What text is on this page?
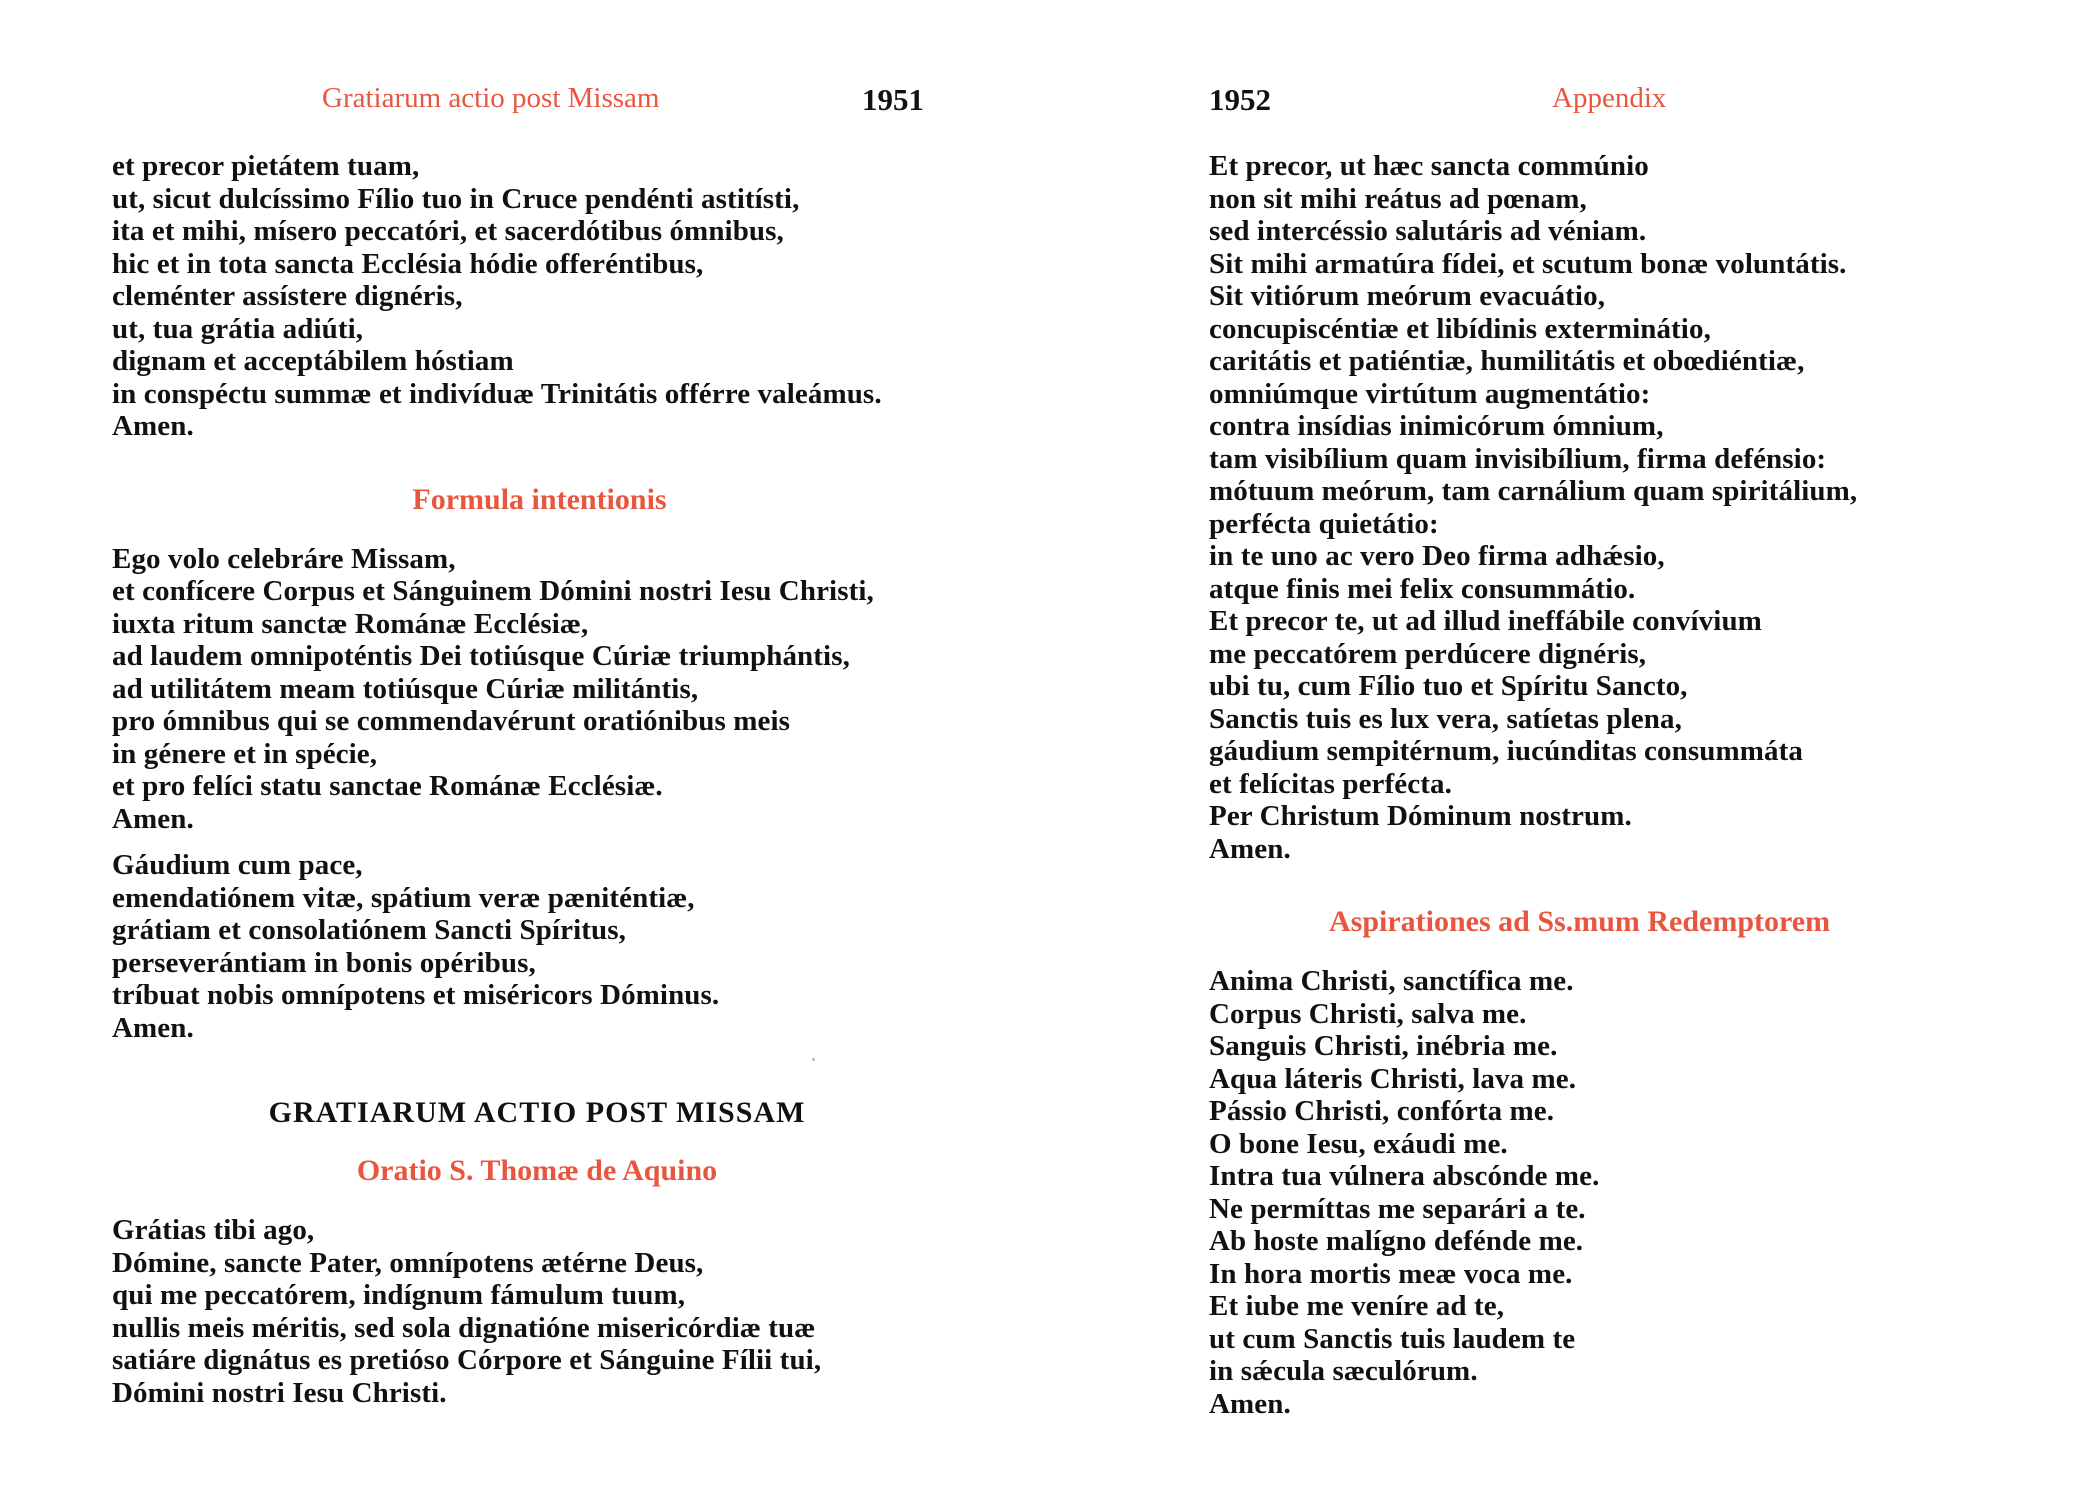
Gratiarum actio post Missam	1951
et precor pietátem tuam,
ut, sicut dulcíssimo Fílio tuo in Cruce pendénti astitísti,
ita et mihi, mísero peccatóri, et sacerdótibus ómnibus,
hic et in tota sancta Ecclésia hódie offeréntibus,
cleménter assístere dignéris,
ut, tua grátia adiúti,
dignam et acceptábilem hóstiam
in conspéctu summæ et indivíduæ Trinitátis offérre valeámus.
Amen.
Formula intentionis
Ego volo celebráre Missam,
et confícere Corpus et Sánguinem Dómini nostri Iesu Christi,
iuxta ritum sanctæ Románæ Ecclésiæ,
ad laudem omnipoténtis Dei totiúsque Cúriæ triumphántis,
ad utilitátem meam totiúsque Cúriæ militántis,
pro ómnibus qui se commendavérunt oratiónibus meis
in génere et in spécie,
et pro felíci statu sanctae Románæ Ecclésiæ.
Amen.
Gáudium cum pace,
emendatiónem vitæ, spátium veræ pæniténtiæ,
grátiam et consolatiónem Sancti Spíritus,
perseverántiam in bonis opéribus,
tríbuat nobis omnípotens et miséricors Dóminus.
Amen.
GRATIARUM ACTIO POST MISSAM
Oratio S. Thomæ de Aquino
Grátias tibi ago,
Dómine, sancte Pater, omnípotens ætérne Deus,
qui me peccatórem, indígnum fámulum tuum,
nullis meis méritis, sed sola dignatióne misericórdiæ tuæ
satiáre dignátus es pretióso Córpore et Sánguine Fílii tui,
Dómini nostri Iesu Christi.
1952	Appendix
Et precor, ut hæc sancta commúnio
non sit mihi reátus ad pœnam,
sed intercéssio salutáris ad véniam.
Sit mihi armatúra fídei, et scutum bonæ voluntátis.
Sit vitiórum meórum evacuátio,
concupiscéntiæ et libídinis exterminátio,
caritátis et patiéntiæ, humilitátis et obœdiéntiæ,
omniúmque virtútum augmentátio:
contra insídias inimicórum ómnium,
tam visibílium quam invisibílium, firma defénsio:
mótuum meórum, tam carnálium quam spiritálium,
perfécta quietátio:
in te uno ac vero Deo firma adhǽsio,
atque finis mei felix consummátio.
Et precor te, ut ad illud ineffábile convívium
me peccatórem perdúcere dignéris,
ubi tu, cum Fílio tuo et Spíritu Sancto,
Sanctis tuis es lux vera, satíetas plena,
gáudium sempitérnum, iucúnditas consummáta
et felícitas perfécta.
Per Christum Dóminum nostrum.
Amen.
Aspirationes ad Ss.mum Redemptorem
Anima Christi, sanctífica me.
Corpus Christi, salva me.
Sanguis Christi, inébria me.
Aqua láteris Christi, lava me.
Pássio Christi, confórta me.
O bone Iesu, exáudi me.
Intra tua vúlnera abscónde me.
Ne permíttas me separári a te.
Ab hoste malígno defénde me.
In hora mortis meæ voca me.
Et iube me veníre ad te,
ut cum Sanctis tuis laudem te
in sǽcula sæculórum.
Amen.
